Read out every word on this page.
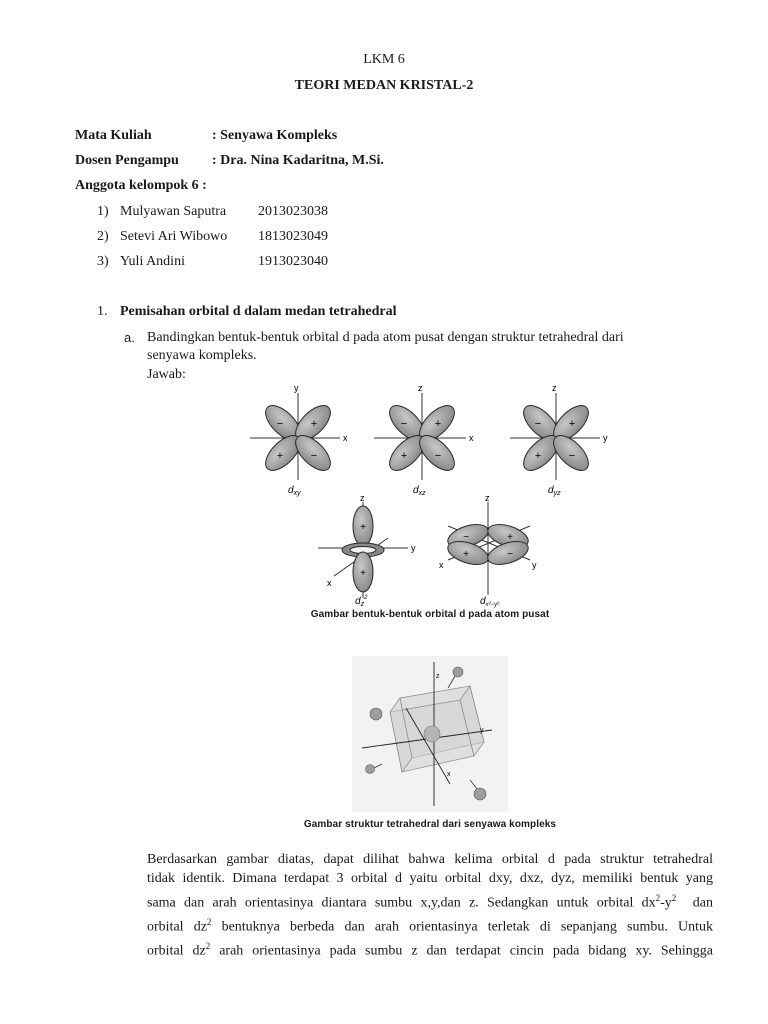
LKM 6
TEORI MEDAN KRISTAL-2
Mata Kuliah	: Senyawa Kompleks
Dosen Pengampu : Dra. Nina Kadaritna, M.Si.
Anggota kelompok 6 :
1) Mulyawan Saputra 2013023038
2) Setevi Ari Wibowo 1813023049
3) Yuli Andini	1913023040
1. Pemisahan orbital d dalam medan tetrahedral
a. Bandingkan bentuk-bentuk orbital d pada atom pusat dengan struktur tetrahedral dari
senyawa kompleks.
Jawab:
−	+
+	−
y
x
$d_{xy}$
−	+
+	−
z
x
$d_{xz}$
−	+
+	−
z
y
$d_{yz}$
+
+
z
y
x
$d_z^2$
−	+
+	−
z
x	y
$d_{x^2-y^2}$
Gambar bentuk-bentuk orbital d pada atom pusat
z
y
x
Gambar struktur tetrahedral dari senyawa kompleks
Berdasarkan gambar diatas, dapat dilihat bahwa kelima orbital d pada struktur tetrahedral
tidak identik. Dimana terdapat 3 orbital d yaitu orbital dxy, dxz, dyz, memiliki bentuk yang
sama dan arah orientasinya diantara sumbu x,y,dan z. Sedangkan untuk orbital $dx^2-y^2$  dan
orbital $dz^2$ bentuknya berbeda dan arah orientasinya terletak di sepanjang sumbu. Untuk
orbital $dz^2$ arah orientasinya pada sumbu z dan terdapat cincin pada bidang xy. Sehingga
